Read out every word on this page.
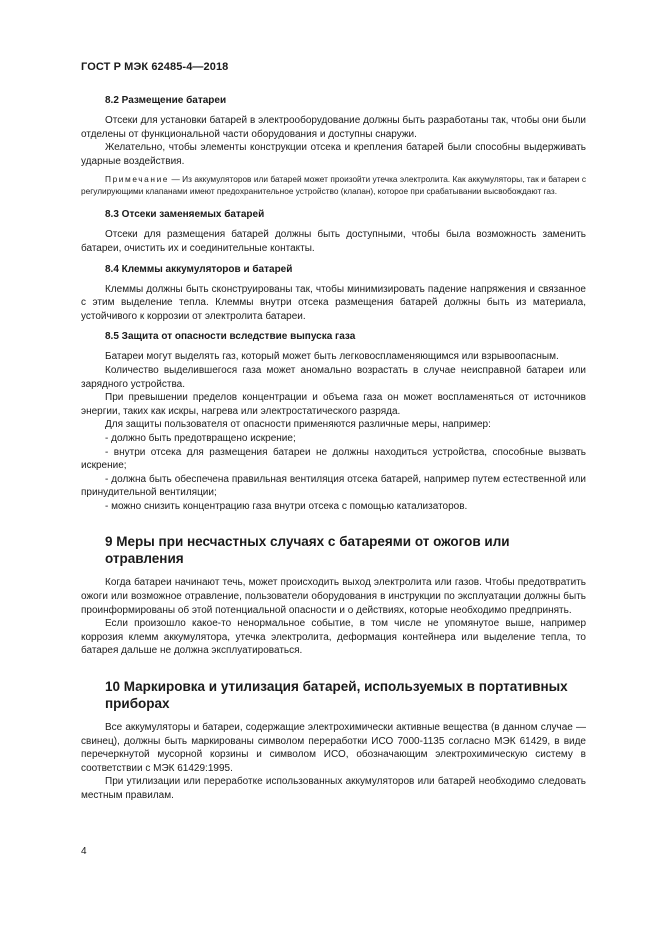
ГОСТ Р МЭК 62485-4—2018
8.2 Размещение батареи

Отсеки для установки батарей в электрооборудование должны быть разработаны так, чтобы они были отделены от функциональной части оборудования и доступны снаружи.

Желательно, чтобы элементы конструкции отсека и крепления батарей были способны выдерживать ударные воздействия.

Примечание — Из аккумуляторов или батарей может произойти утечка электролита. Как аккумуляторы, так и батареи с регулирующими клапанами имеют предохранительное устройство (клапан), которое при срабатывании высвобождают газ.

8.3 Отсеки заменяемых батарей

Отсеки для размещения батарей должны быть доступными, чтобы была возможность заменить батареи, очистить их и соединительные контакты.

8.4 Клеммы аккумуляторов и батарей

Клеммы должны быть сконструированы так, чтобы минимизировать падение напряжения и связанное с этим выделение тепла. Клеммы внутри отсека размещения батарей должны быть из материала, устойчивого к коррозии от электролита батареи.

8.5 Защита от опасности вследствие выпуска газа

Батареи могут выделять газ, который может быть легковоспламеняющимся или взрывоопасным.

Количество выделившегося газа может аномально возрастать в случае неисправной батареи или зарядного устройства.

При превышении пределов концентрации и объема газа он может воспламеняться от источников энергии, таких как искры, нагрева или электростатического разряда.

Для защиты пользователя от опасности применяются различные меры, например:

- должно быть предотвращено искрение;

- внутри отсека для размещения батареи не должны находиться устройства, способные вызвать искрение;

- должна быть обеспечена правильная вентиляция отсека батарей, например путем естественной или принудительной вентиляции;

- можно снизить концентрацию газа внутри отсека с помощью катализаторов.

9 Меры при несчастных случаях с батареями от ожогов или отравления

Когда батареи начинают течь, может происходить выход электролита или газов. Чтобы предотвратить ожоги или возможное отравление, пользователи оборудования в инструкции по эксплуатации должны быть проинформированы об этой потенциальной опасности и о действиях, которые необходимо предпринять.

Если произошло какое-то ненормальное событие, в том числе не упомянутое выше, например коррозия клемм аккумулятора, утечка электролита, деформация контейнера или выделение тепла, то батарея дальше не должна эксплуатироваться.

10 Маркировка и утилизация батарей, используемых в портативных приборах

Все аккумуляторы и батареи, содержащие электрохимически активные вещества (в данном случае — свинец), должны быть маркированы символом переработки ИСО 7000-1135 согласно МЭК 61429, в виде перечеркнутой мусорной корзины и символом ИСО, обозначающим электрохимическую систему в соответствии с МЭК 61429:1995.

При утилизации или переработке использованных аккумуляторов или батарей необходимо следовать местным правилам.

4
